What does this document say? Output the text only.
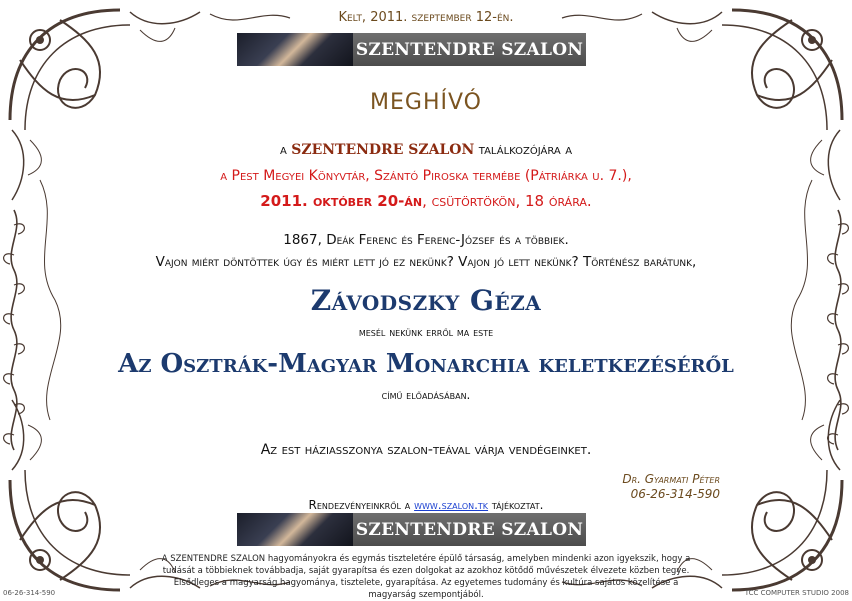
Kelt, 2011. szeptember 12-én.
SZENTENDRE SZALON
MEGHÍVÓ
a SZENTENDRE SZALON találkozójára a
a Pest Megyei Könyvtár, Szántó Piroska termébe (Pátriárka u. 7.),
2011. október 20-án, csütörtökön, 18 órára.
1867, Deák Ferenc és Ferenc-József és a többiek.
Vajon miért döntöttek úgy és miért lett jó ez nekünk? Vajon jó lett nekünk? Történész barátunk,
Závodszky Géza
mesél nekünk erről ma este
Az Osztrák-Magyar Monarchia keletkezéséről
című előadásában.
Az est háziasszonya szalon-teával várja vendégeinket.
Dr. Gyarmati Péter
06-26-314-590
Rendezvényeinkről a www.szalon.tk tájékoztat.
SZENTENDRE SZALON
A SZENTENDRE SZALON hagyományokra és egymás tiszteletére épülő társaság, amelyben mindenki azon igyekszik, hogy a tudását a többieknek továbbadja, saját gyarapítsa és ezen dolgokat az azokhoz kötődő művészetek élvezete közben tegye. Elsődleges a magyarság hagyománya, tisztelete, gyarapítása. Az egyetemes tudomány és kultúra sajátos közelítése a magyarság szempontjából.
06-26-314-590	TCC COMPUTER STUDIO 2008
